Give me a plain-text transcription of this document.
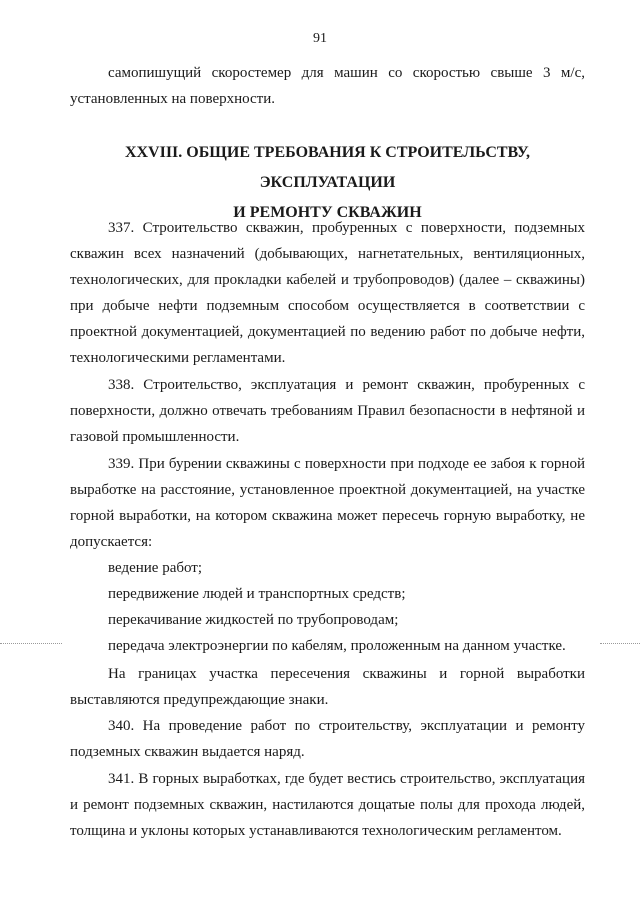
91
самопишущий скоростемер для машин со скоростью свыше 3 м/с,
установленных на поверхности.
XXVIII. ОБЩИЕ ТРЕБОВАНИЯ К СТРОИТЕЛЬСТВУ, ЭКСПЛУАТАЦИИ
И РЕМОНТУ СКВАЖИН
337. Строительство скважин, пробуренных с поверхности, подземных
скважин всех назначений (добывающих, нагнетательных, вентиляционных,
технологических, для прокладки кабелей и трубопроводов) (далее – скважины)
при добыче нефти подземным способом осуществляется в соответствии с
проектной документацией, документацией по ведению работ по добыче нефти,
технологическими регламентами.
338. Строительство, эксплуатация и ремонт скважин, пробуренных с
поверхности, должно отвечать требованиям Правил безопасности в нефтяной и
газовой промышленности.
339. При бурении скважины с поверхности при подходе ее забоя к горной
выработке на расстояние, установленное проектной документацией, на участке
горной выработки, на котором скважина может пересечь горную выработку, не
допускается:
ведение работ;
передвижение людей и транспортных средств;
перекачивание жидкостей по трубопроводам;
передача электроэнергии по кабелям, проложенным на данном участке.
На границах участка пересечения скважины и горной выработки
выставляются предупреждающие знаки.
340. На проведение работ по строительству, эксплуатации и ремонту
подземных скважин выдается наряд.
341. В горных выработках, где будет вестись строительство, эксплуатация
и ремонт подземных скважин, настилаются дощатые полы для прохода людей,
толщина и уклоны которых устанавливаются технологическим регламентом.
